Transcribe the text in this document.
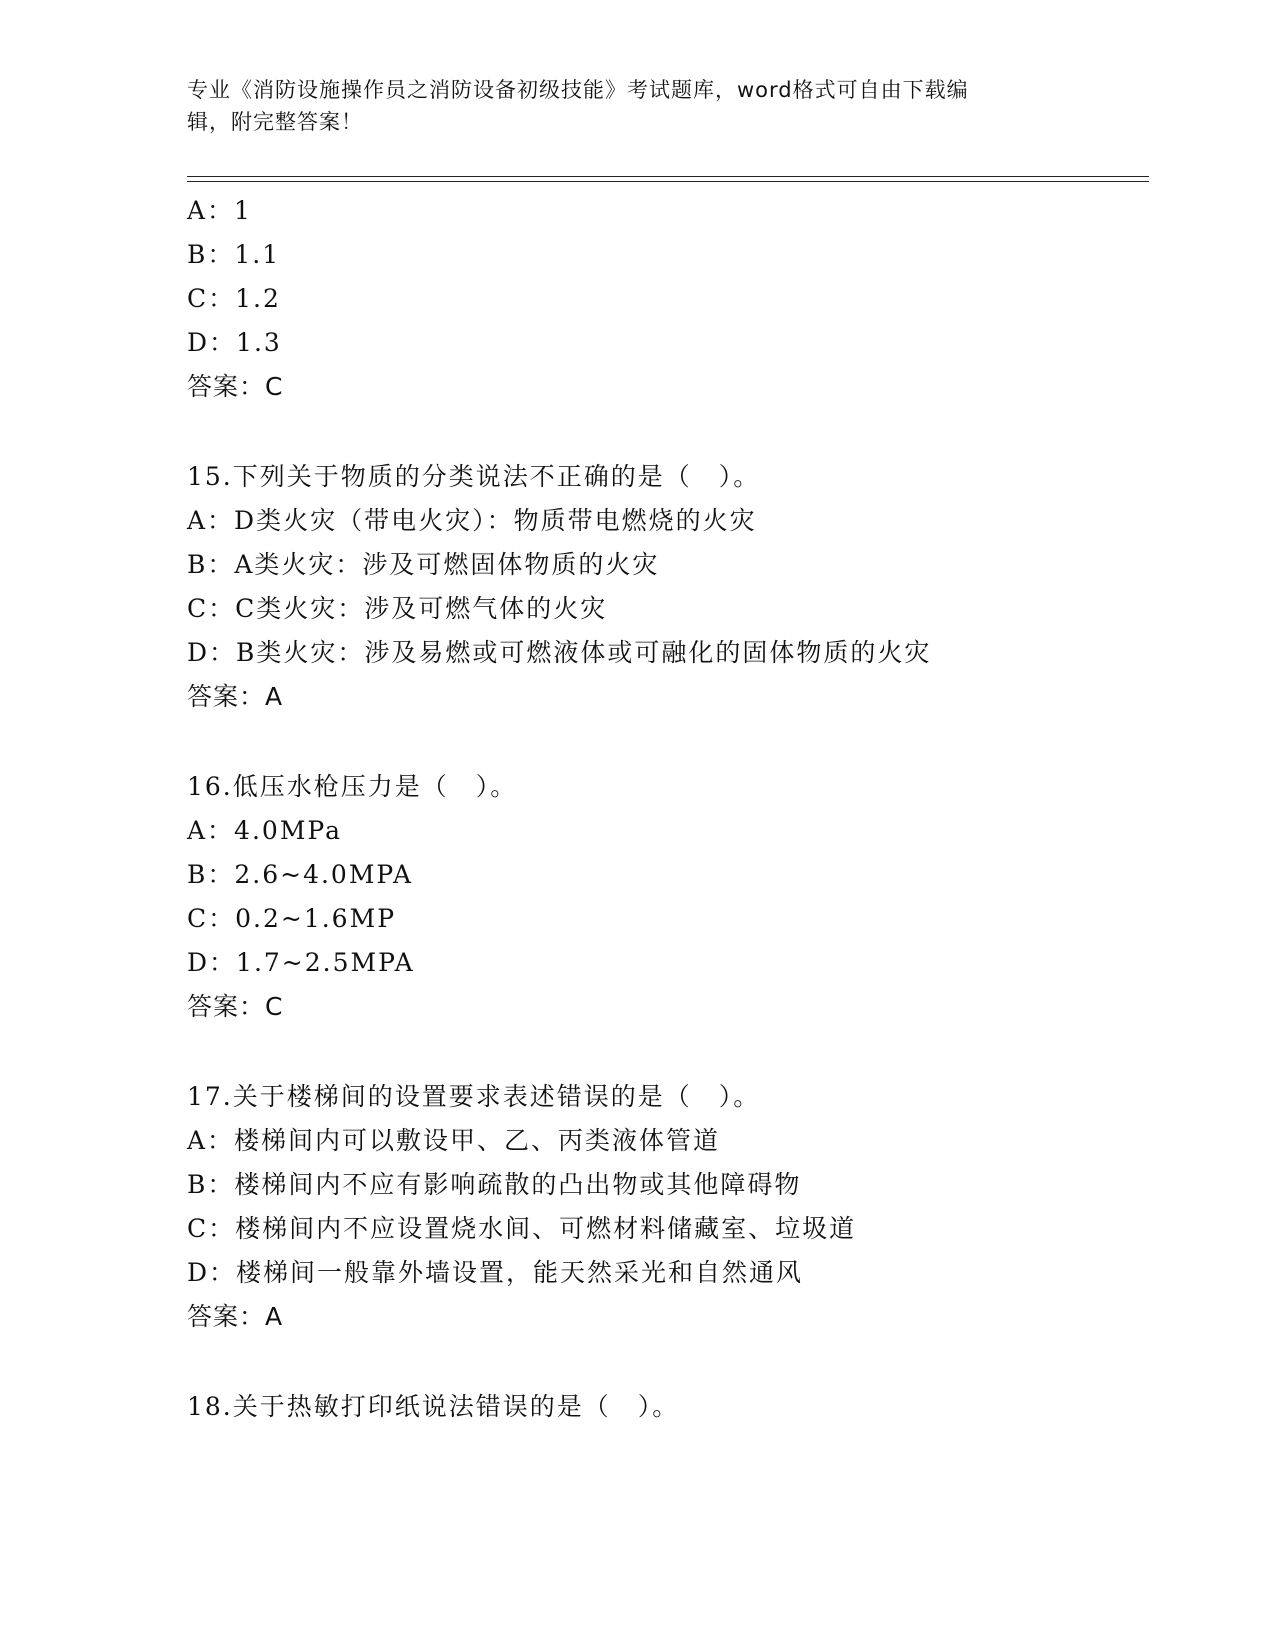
专业《消防设施操作员之消防设备初级技能》考试题库，word格式可自由下载编
辑，附完整答案！
A：1
B：1.1
C：1.2
D：1.3
答案：C
15.下列关于物质的分类说法不正确的是（　）。
A：D类火灾（带电火灾）：物质带电燃烧的火灾
B：A类火灾：涉及可燃固体物质的火灾
C：C类火灾：涉及可燃气体的火灾
D：B类火灾：涉及易燃或可燃液体或可融化的固体物质的火灾
答案：A
16.低压水枪压力是（　）。
A：4.0MPa
B：2.6~4.0MPA
C：0.2~1.6MP
D：1.7~2.5MPA
答案：C
17.关于楼梯间的设置要求表述错误的是（　）。
A：楼梯间内可以敷设甲、乙、丙类液体管道
B：楼梯间内不应有影响疏散的凸出物或其他障碍物
C：楼梯间内不应设置烧水间、可燃材料储藏室、垃圾道
D：楼梯间一般靠外墙设置，能天然采光和自然通风
答案：A
18.关于热敏打印纸说法错误的是（　）。
